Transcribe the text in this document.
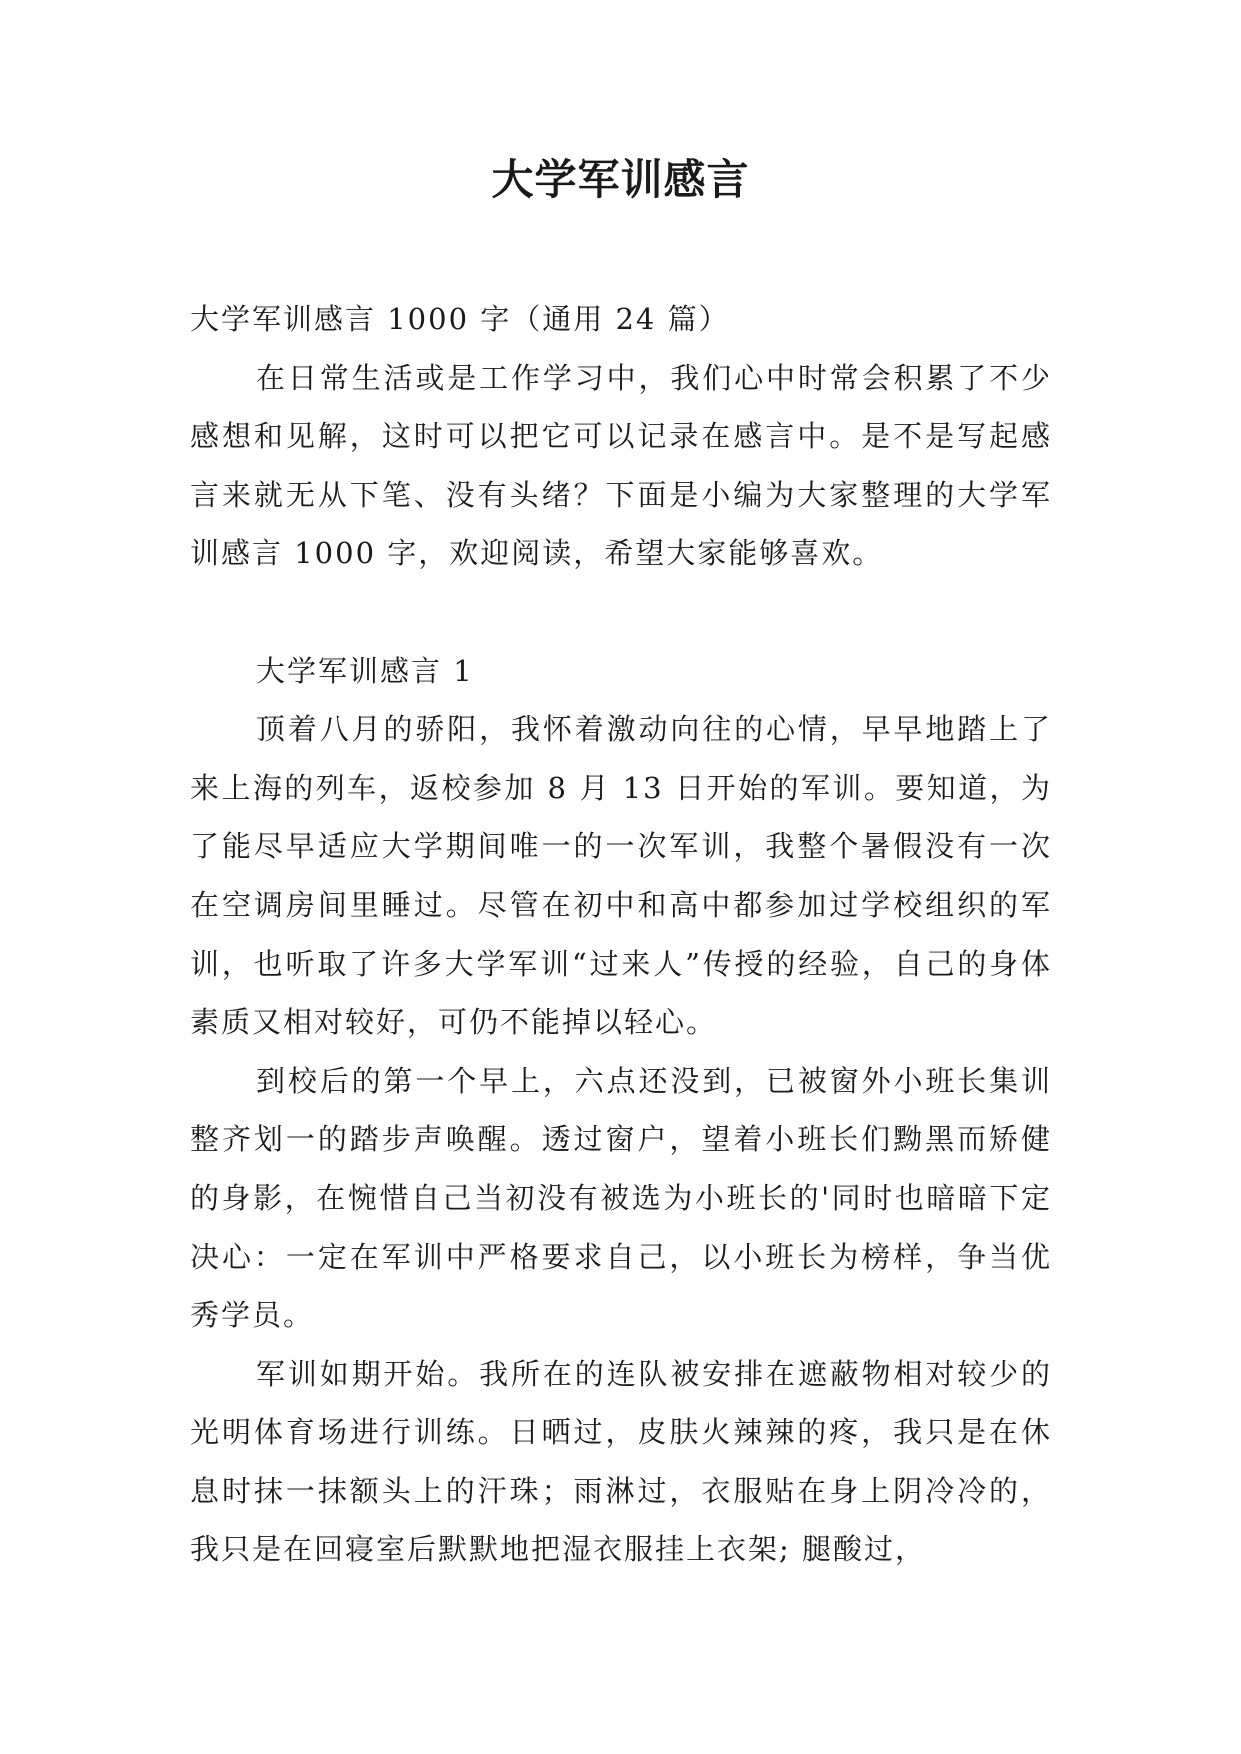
大学军训感言

大学军训感言 1000 字（通用 24 篇）

在日常生活或是工作学习中，我们心中时常会积累了不少感想和见解，这时可以把它可以记录在感言中。是不是写起感言来就无从下笔、没有头绪？下面是小编为大家整理的大学军训感言 1000 字，欢迎阅读，希望大家能够喜欢。

大学军训感言 1

顶着八月的骄阳，我怀着激动向往的心情，早早地踏上了来上海的列车，返校参加 8 月 13 日开始的军训。要知道，为了能尽早适应大学期间唯一的一次军训，我整个暑假没有一次在空调房间里睡过。尽管在初中和高中都参加过学校组织的军训，也听取了许多大学军训“过来人”传授的经验，自己的身体素质又相对较好，可仍不能掉以轻心。

到校后的第一个早上，六点还没到，已被窗外小班长集训整齐划一的踏步声唤醒。透过窗户，望着小班长们黝黑而矫健的身影，在惋惜自己当初没有被选为小班长的'同时也暗暗下定决心：一定在军训中严格要求自己，以小班长为榜样，争当优秀学员。

军训如期开始。我所在的连队被安排在遮蔽物相对较少的光明体育场进行训练。日晒过，皮肤火辣辣的疼，我只是在休息时抹一抹额头上的汗珠；雨淋过，衣服贴在身上阴冷冷的，我只是在回寝室后默默地把湿衣服挂上衣架; 腿酸过，
